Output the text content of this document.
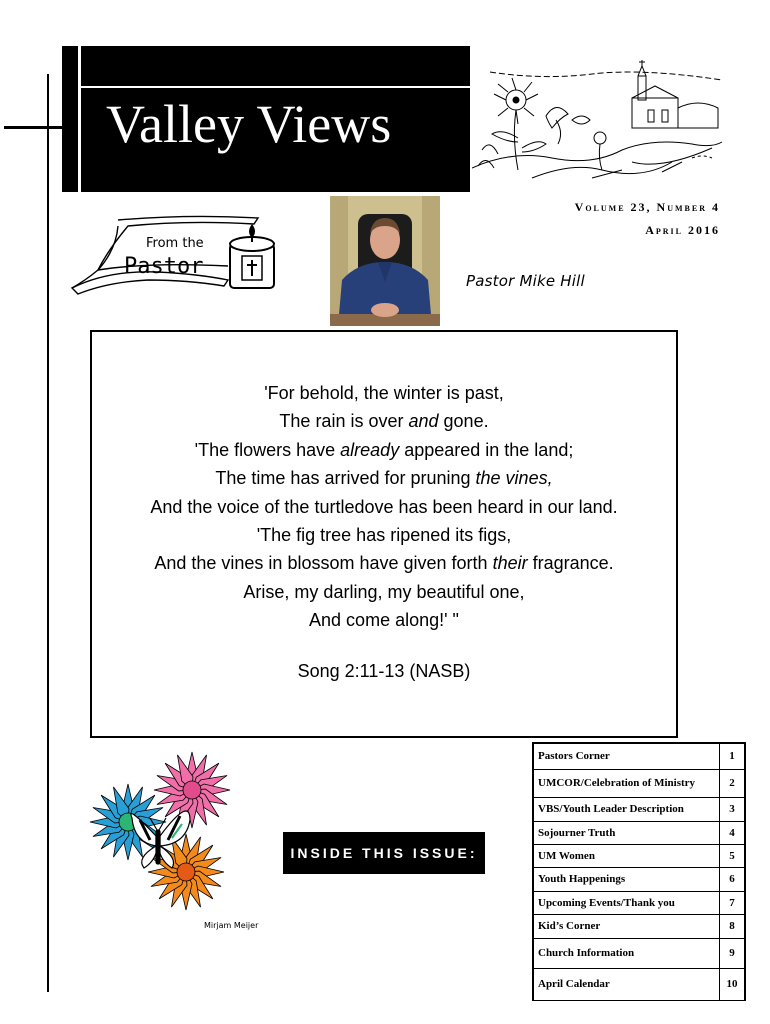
Valley Views
Volume 23, Number 4
April 2016
From the
Pastor
Pastor Mike Hill

'For behold, the winter is past,

The rain is over and gone.

'The flowers have already appeared in the land;

The time has arrived for pruning the vines,

And the voice of the turtledove has been heard in our land.

'The fig tree has ripened its figs,

And the vines in blossom have given forth their fragrance.

Arise, my darling, my beautiful one,

And come along!' "

Song 2:11-13 (NASB)

Mirjam Meijer
INSIDE THIS ISSUE:
Pastors Corner	1
UMCOR/Celebration of Ministry	2
VBS/Youth Leader Description	3
Sojourner Truth	4
UM Women	5
Youth Happenings	6
Upcoming Events/Thank you	7
Kid’s Corner	8
Church Information	9
April Calendar	10
